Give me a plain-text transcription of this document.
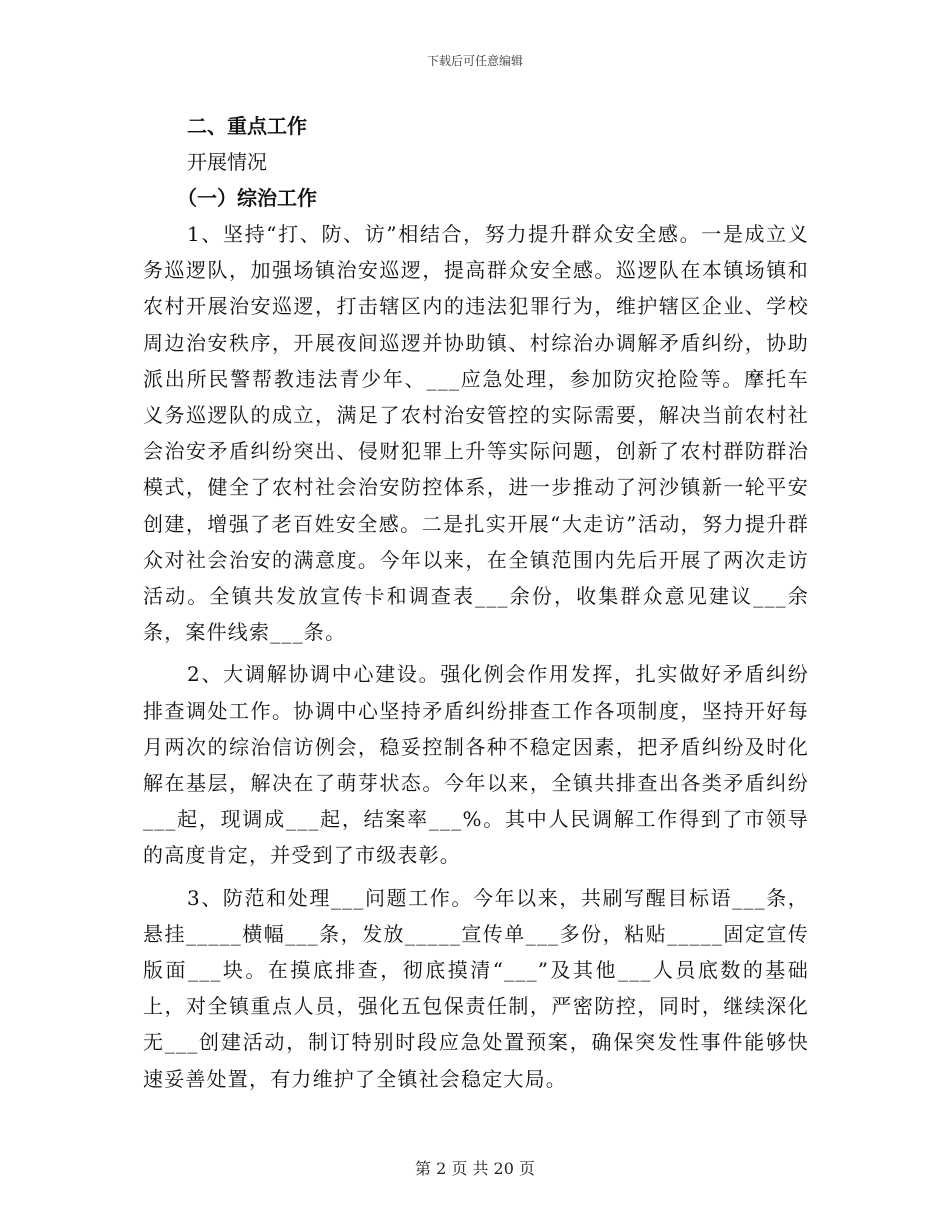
下载后可任意编辑

二、重点工作

开展情况

（一）综治工作

1、坚持“打、防、访”相结合，努力提升群众安全感。一是成立义务巡逻队，加强场镇治安巡逻，提高群众安全感。巡逻队在本镇场镇和农村开展治安巡逻，打击辖区内的违法犯罪行为，维护辖区企业、学校周边治安秩序，开展夜间巡逻并协助镇、村综治办调解矛盾纠纷，协助派出所民警帮教违法青少年、___应急处理，参加防灾抢险等。摩托车义务巡逻队的成立，满足了农村治安管控的实际需要，解决当前农村社会治安矛盾纠纷突出、侵财犯罪上升等实际问题，创新了农村群防群治模式，健全了农村社会治安防控体系，进一步推动了河沙镇新一轮平安创建，增强了老百姓安全感。二是扎实开展“大走访”活动，努力提升群众对社会治安的满意度。今年以来，在全镇范围内先后开展了两次走访活动。全镇共发放宣传卡和调查表___余份，收集群众意见建议___余条，案件线索___条。

2、大调解协调中心建设。强化例会作用发挥，扎实做好矛盾纠纷排查调处工作。协调中心坚持矛盾纠纷排查工作各项制度，坚持开好每月两次的综治信访例会，稳妥控制各种不稳定因素，把矛盾纠纷及时化解在基层，解决在了萌芽状态。今年以来，全镇共排查出各类矛盾纠纷___起，现调成___起，结案率___%。其中人民调解工作得到了市领导的高度肯定，并受到了市级表彰。

3、防范和处理___问题工作。今年以来，共刷写醒目标语___条，悬挂_____横幅___条，发放_____宣传单___多份，粘贴_____固定宣传版面___块。在摸底排查，彻底摸清“___”及其他___人员底数的基础上，对全镇重点人员，强化五包保责任制，严密防控，同时，继续深化无___创建活动，制订特别时段应急处置预案，确保突发性事件能够快速妥善处置，有力维护了全镇社会稳定大局。

第 2 页 共 20 页
